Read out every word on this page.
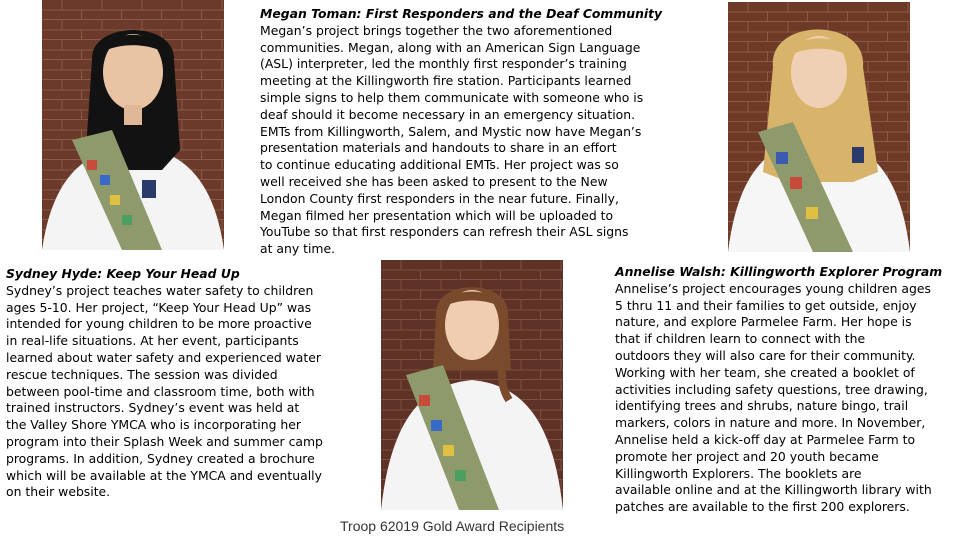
Megan Toman: First Responders and the Deaf Community

Megan’s project brings together the two aforementioned
communities. Megan, along with an American Sign Language
(ASL) interpreter, led the monthly first responder’s training
meeting at the Killingworth fire station. Participants learned
simple signs to help them communicate with someone who is
deaf should it become necessary in an emergency situation.
EMTs from Killingworth, Salem, and Mystic now have Megan’s
presentation materials and handouts to share in an effort
to continue educating additional EMTs. Her project was so
well received she has been asked to present to the New
London County first responders in the near future. Finally,
Megan filmed her presentation which will be uploaded to
YouTube so that first responders can refresh their ASL signs
at any time.

Sydney Hyde: Keep Your Head Up

Sydney’s project teaches water safety to children
ages 5-10. Her project, “Keep Your Head Up” was
intended for young children to be more proactive
in real-life situations. At her event, participants
learned about water safety and experienced water
rescue techniques. The session was divided
between pool-time and classroom time, both with
trained instructors. Sydney’s event was held at
the Valley Shore YMCA who is incorporating her
program into their Splash Week and summer camp
programs. In addition, Sydney created a brochure
which will be available at the YMCA and eventually
on their website.

Annelise Walsh: Killingworth Explorer Program

Annelise’s project encourages young children ages
5 thru 11 and their families to get outside, enjoy
nature, and explore Parmelee Farm. Her hope is
that if children learn to connect with the
outdoors they will also care for their community.
Working with her team, she created a booklet of
activities including safety questions, tree drawing,
identifying trees and shrubs, nature bingo, trail
markers, colors in nature and more. In November,
Annelise held a kick-off day at Parmelee Farm to
promote her project and 20 youth became
Killingworth Explorers. The booklets are
available online and at the Killingworth library with
patches are available to the first 200 explorers.

Troop 62019 Gold Award Recipients
